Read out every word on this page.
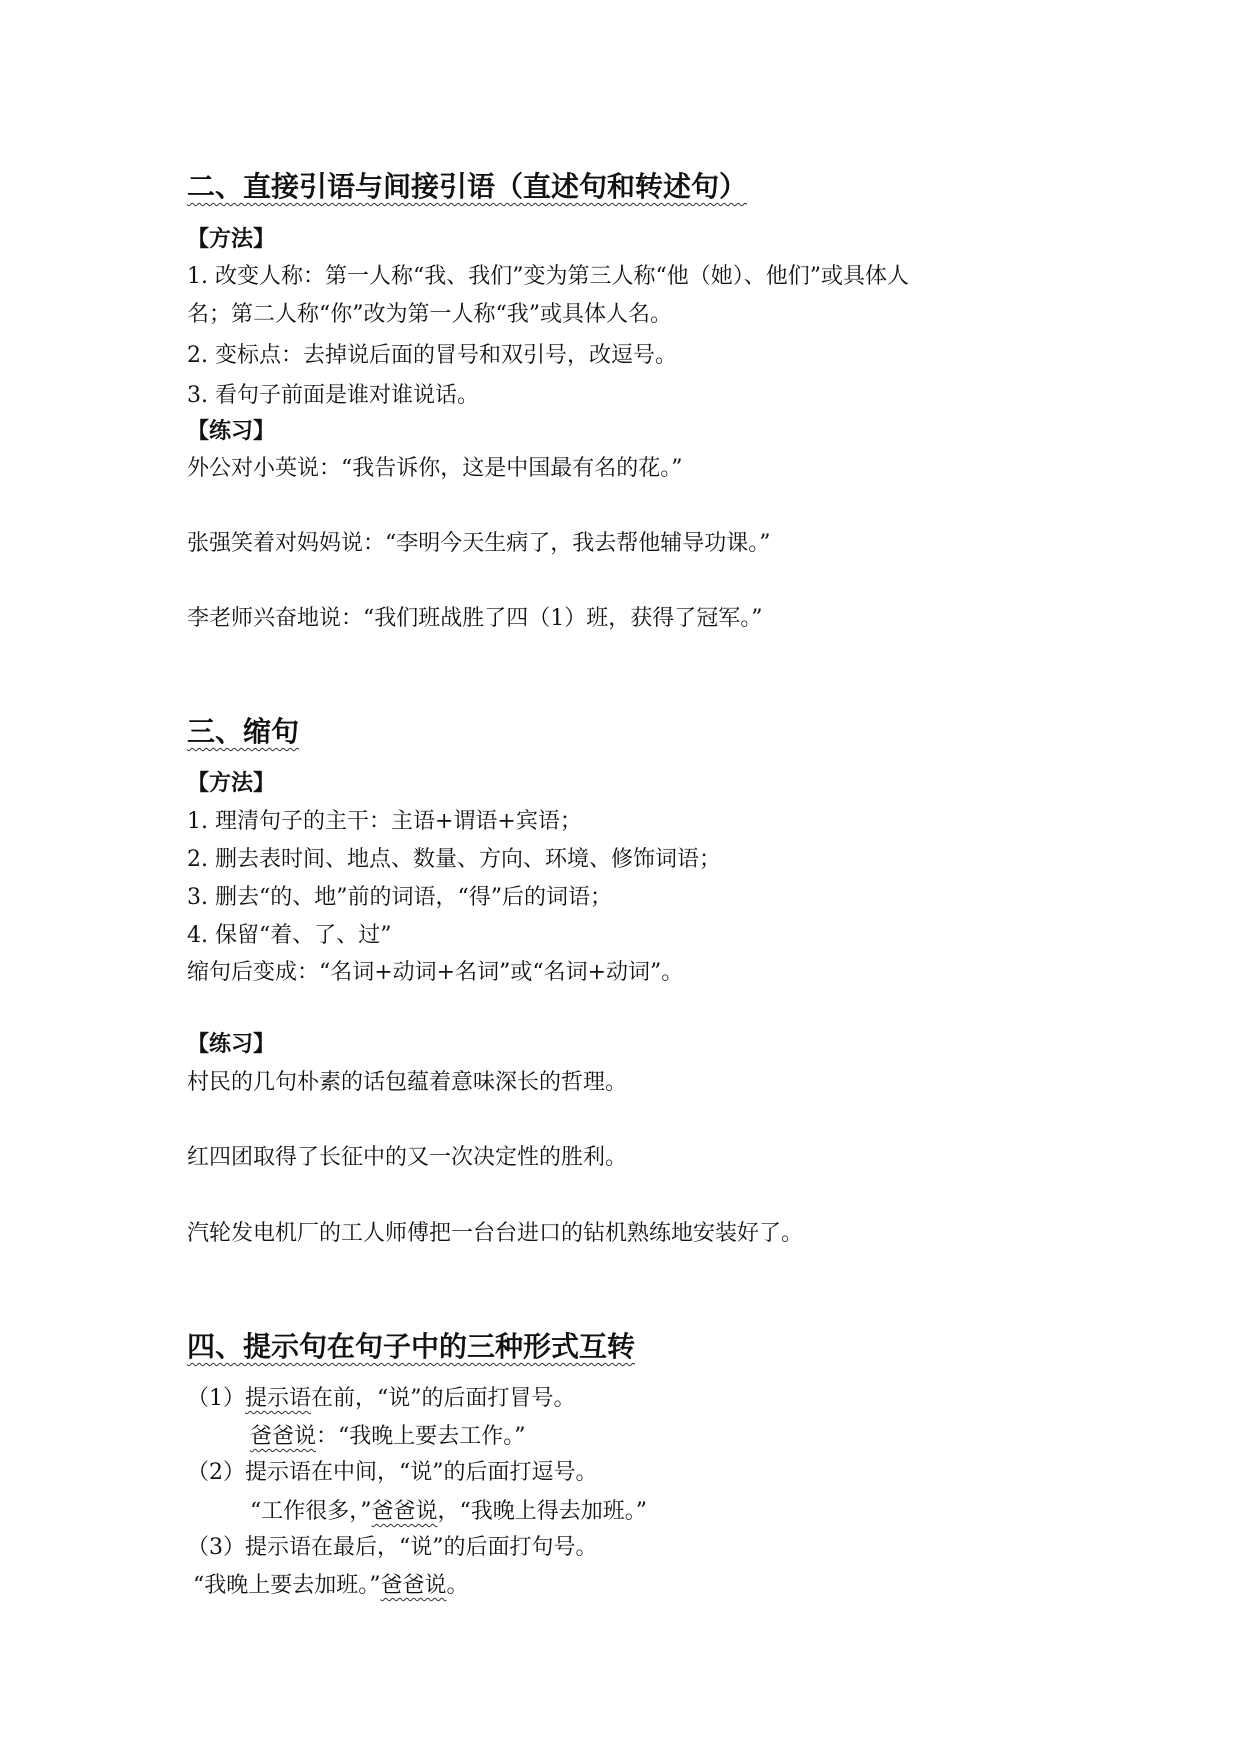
二、直接引语与间接引语（直述句和转述句）
【方法】
1. 改变人称：第一人称“我、我们”变为第三人称“他（她）、他们”或具体人
名；第二人称“你”改为第一人称“我”或具体人名。
2. 变标点：去掉说后面的冒号和双引号，改逗号。
3. 看句子前面是谁对谁说话。
【练习】
外公对小英说：“我告诉你，这是中国最有名的花。”
张强笑着对妈妈说：“李明今天生病了，我去帮他辅导功课。”
李老师兴奋地说：“我们班战胜了四（1）班，获得了冠军。”
三、缩句
【方法】
1. 理清句子的主干：主语+谓语+宾语；
2. 删去表时间、地点、数量、方向、环境、修饰词语；
3. 删去“的、地”前的词语，“得”后的词语；
4. 保留“着、了、过”
缩句后变成：“名词+动词+名词”或“名词+动词”。
【练习】
村民的几句朴素的话包蕴着意味深长的哲理。
红四团取得了长征中的又一次决定性的胜利。
汽轮发电机厂的工人师傅把一台台进口的钻机熟练地安装好了。
四、提示句在句子中的三种形式互转
（1）提示语在前，“说”的后面打冒号。
爸爸说：“我晚上要去工作。”
（2）提示语在中间，“说”的后面打逗号。
“工作很多，”爸爸说，“我晚上得去加班。”
（3）提示语在最后，“说”的后面打句号。
“我晚上要去加班。”爸爸说。
